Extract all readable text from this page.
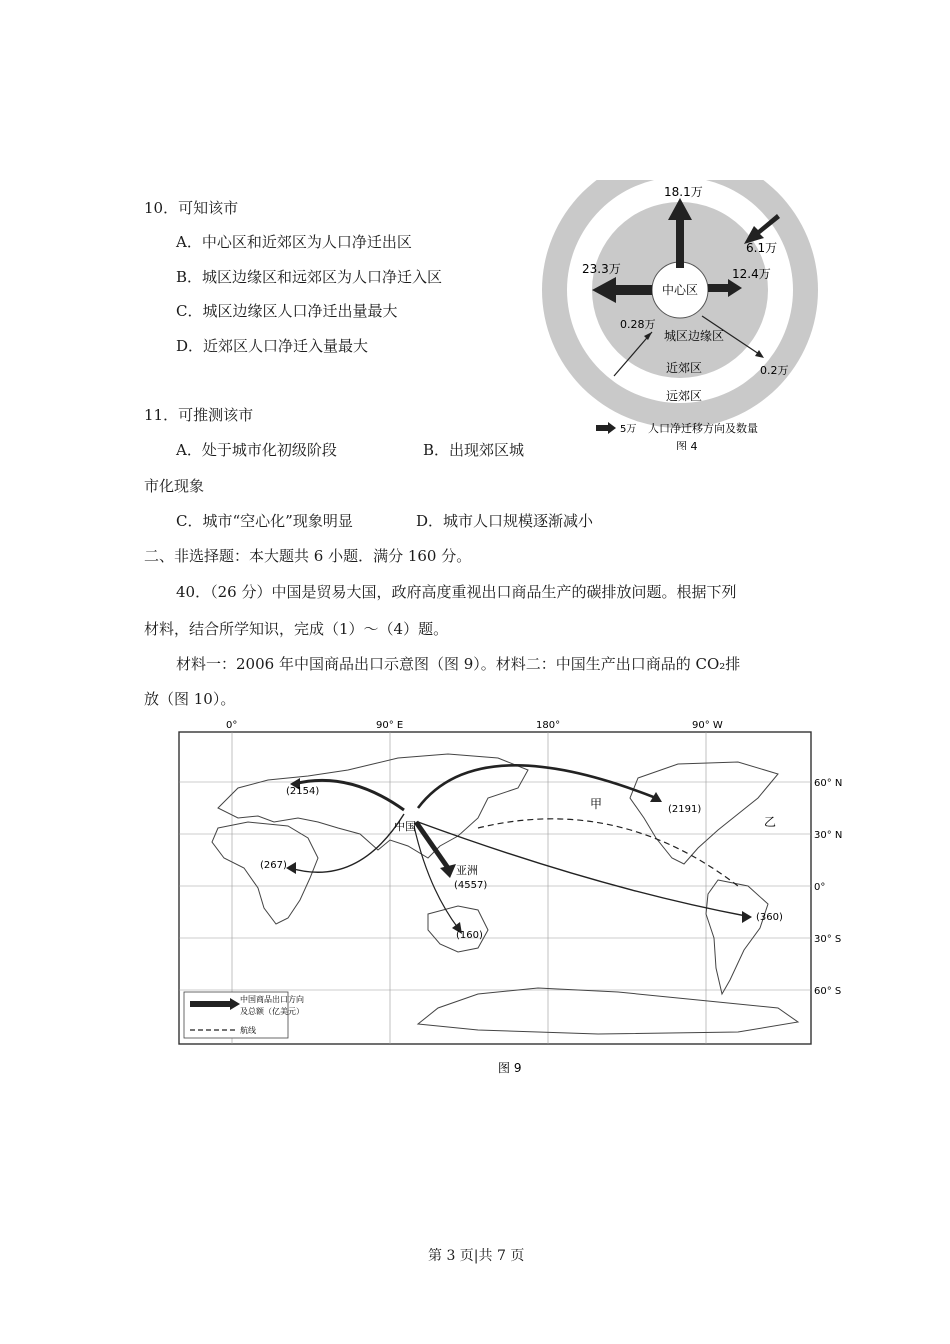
10．可知该市
A．中心区和近郊区为人口净迁出区
B．城区边缘区和远郊区为人口净迁入区
C．城区边缘区人口净迁出量最大
D．近郊区人口净迁入量最大
11．可推测该市
A．处于城市化初级阶段	B．出现郊区城
市化现象
C．城市“空心化”现象明显	D．城市人口规模逐渐减小
二、非选择题：本大题共 6 小题．满分 160 分。
40．（26 分）中国是贸易大国，政府高度重视出口商品生产的碳排放问题。根据下列
材料，结合所学知识，完成（1）～（4）题。
材料一：2006 年中国商品出口示意图（图 9）。材料二：中国生产出口商品的 CO₂排
放（图 10）。
18.1万
23.3万	12.4万
6.1万
0.28万
0.2万
中心区
城区边缘区
近郊区
远郊区
5万 人口净迁移方向及数量
图 4
0°	90° E	180°	90° W
60° N
30° N
0°
30° S
60° S
中国
亚洲
(2154)
(267)
(4557)
(160)
(2191)
(360)
甲
乙
中国商品出口方向
及总额（亿美元）
航线
图 9
第 3 页|共 7 页
